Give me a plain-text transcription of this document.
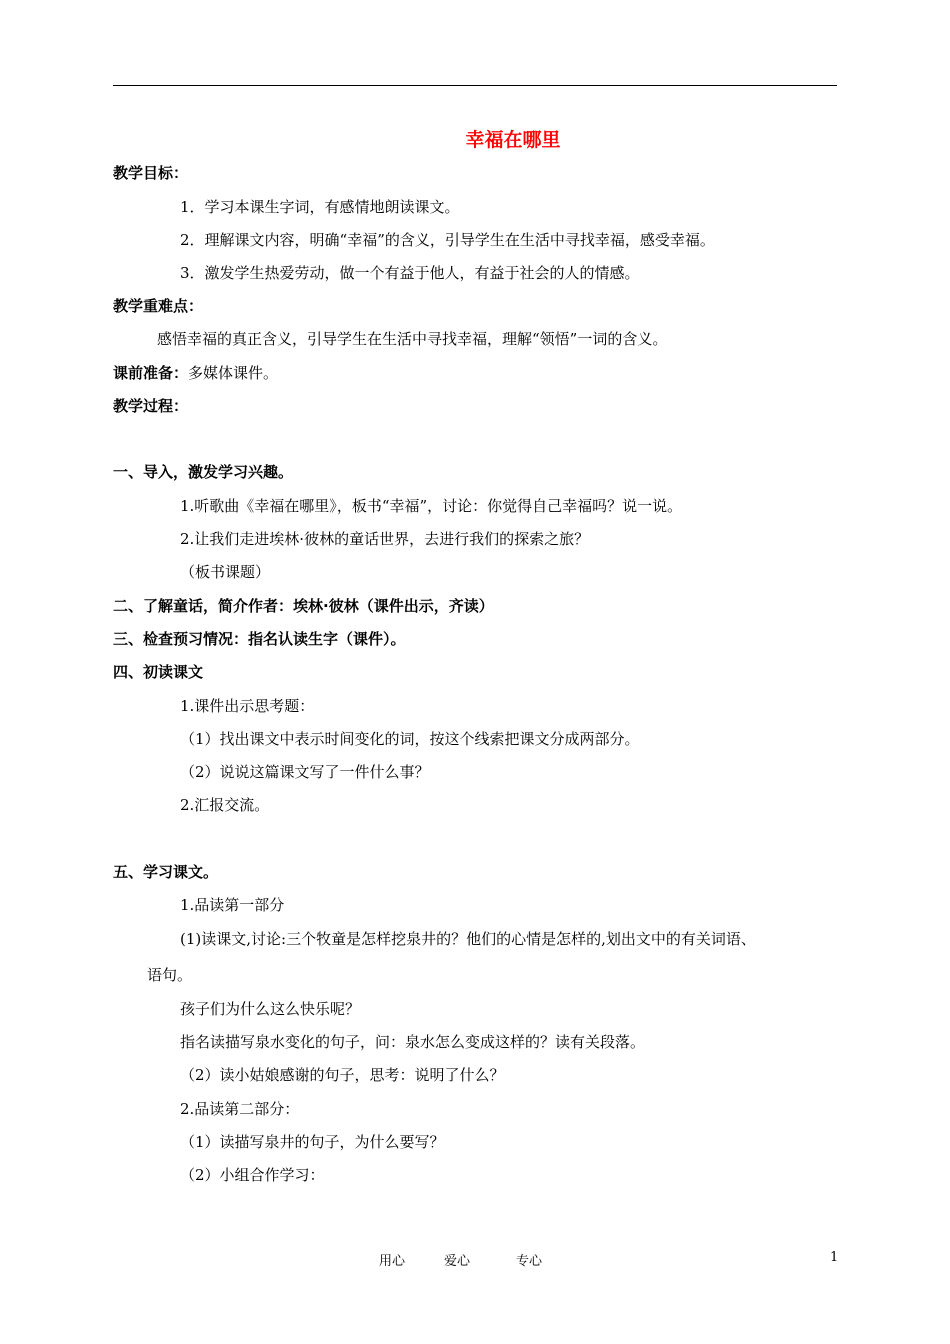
幸福在哪里
教学目标：
1．学习本课生字词，有感情地朗读课文。
2．理解课文内容，明确“幸福”的含义，引导学生在生活中寻找幸福，感受幸福。
3．激发学生热爱劳动，做一个有益于他人，有益于社会的人的情感。
教学重难点：
感悟幸福的真正含义，引导学生在生活中寻找幸福，理解“领悟”一词的含义。
课前准备：多媒体课件。
教学过程：
一、导入，激发学习兴趣。
1.听歌曲《幸福在哪里》，板书“幸福”，讨论：你觉得自己幸福吗？说一说。
2.让我们走进埃林·彼林的童话世界，去进行我们的探索之旅？
（板书课题）
二、了解童话，简介作者：埃林·彼林（课件出示，齐读）
三、检查预习情况：指名认读生字（课件）。
四、初读课文
1.课件出示思考题：
（1）找出课文中表示时间变化的词，按这个线索把课文分成两部分。
（2）说说这篇课文写了一件什么事？
2.汇报交流。
五、学习课文。
1.品读第一部分
(1)读课文,讨论:三个牧童是怎样挖泉井的？他们的心情是怎样的,划出文中的有关词语、
语句。
孩子们为什么这么快乐呢？
指名读描写泉水变化的句子，问：泉水怎么变成这样的？读有关段落。
（2）读小姑娘感谢的句子，思考：说明了什么？
2.品读第二部分：
（1）读描写泉井的句子，为什么要写？
（2）小组合作学习：
用心	爱心	专心	1
